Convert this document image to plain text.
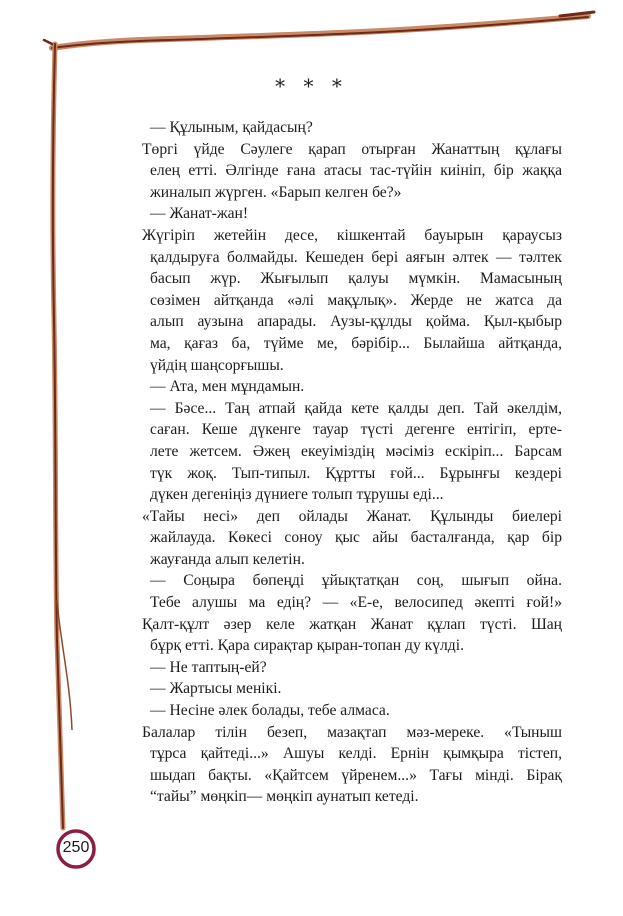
* * *
— Құлыным, қайдасың?
Төргі үйде Сәулеге қарап отырған Жанаттың құлағы
елең етті. Әлгінде ғана атасы тас-түйін киініп, бір жаққа
жиналып жүрген. «Барып келген бе?»
— Жанат-жан!
Жүгіріп жетейін десе, кішкентай бауырын қараусыз
қалдыруға болмайды. Кешеден бері аяғын әлтек — тәлтек
басып жүр. Жығылып қалуы мүмкін. Мамасының
сөзімен айтқанда «әлі мақұлық». Жерде не жатса да
алып аузына апарады. Аузы-құлды қойма. Қыл-қыбыр
ма, қағаз ба, түйме ме, бәрібір... Былайша айтқанда,
үйдің шаңсорғышы.
— Ата, мен мұндамын.
— Бәсе... Таң атпай қайда кете қалды деп. Тай әкелдім,
саған. Кеше дүкенге тауар түсті дегенге ентігіп, ерте-
лете жетсем. Әжең екеуіміздің мәсіміз ескіріп... Барсам
түк жоқ. Тып-типыл. Құртты ғой... Бұрынғы кездері
дүкен дегеніңіз дүниеге толып тұрушы еді...
«Тайы несі» деп ойлады Жанат. Құлынды биелері
жайлауда. Көкесі соноу қыс айы басталғанда, қар бір
жауғанда алып келетін.
— Соңыра бөпеңді ұйықтатқан соң, шығып ойна.
Тебе алушы ма едің? — «Е-е, велосипед әкепті ғой!»
Қалт-құлт әзер келе жатқан Жанат құлап түсті. Шаң
бұрқ етті. Қара сирақтар қыран-топан ду күлді.
— Не таптың-ей?
— Жартысы менікі.
— Несіне әлек болады, тебе алмаса.
Балалар тілін безеп, мазақтап мәз-мереке. «Тыныш
тұрса қайтеді...» Ашуы келді. Ернін қымқыра тістеп,
шыдап бақты. «Қайтсем үйренем...» Тағы мінді. Бірақ
“тайы” мөңкіп— мөңкіп аунатып кетеді.
250
